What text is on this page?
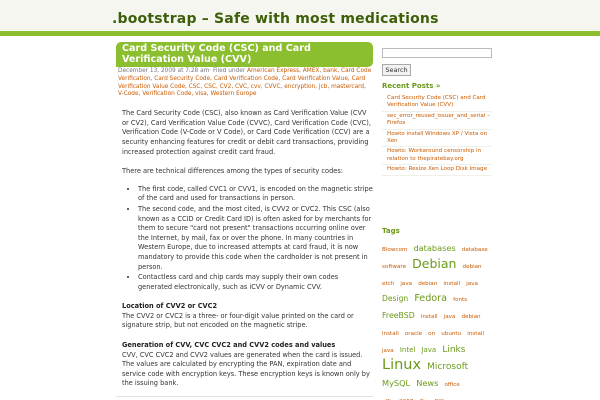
.bootstrap – Safe with most medications
Card Security Code (CSC) and Card Verification Value (CVV)
December 13, 2009 at 7:28 am· Filed under American Express, AMEX, bank, Card Code Verification, Card Security Code, Card Verification Code, Card Verification Value, Card Verification Value Code, CSC, CSC, CV2, CVC, cvv, CVVC, encryption, jcb, mastercard, V-Code, Verification Code, visa, Western Europe

The Card Security Code (CSC), also known as Card Verification Value (CVV or CV2), Card Verification Value Code (CVVC), Card Verification Code (CVC), Verification Code (V-Code or V Code), or Card Code Verification (CCV) are a security enhancing features for credit or debit card transactions, providing increased protection against credit card fraud.

There are technical differences among the types of security codes:

• The first code, called CVC1 or CVV1, is encoded on the magnetic stripe of the card and used for transactions in person.
• The second code, and the most cited, is CVV2 or CVC2. This CSC (also known as a CCID or Credit Card ID) is often asked for by merchants for them to secure "card not present" transactions occurring online over the Internet, by mail, fax or over the phone. In many countries in Western Europe, due to increased attempts at card fraud, it is now mandatory to provide this code when the cardholder is not present in person.
• Contactless card and chip cards may supply their own codes generated electronically, such as iCVV or Dynamic CVV.

Location of CVV2 or CVC2
The CVV2 or CVC2 is a three- or four-digit value printed on the card or signature strip, but not encoded on the magnetic stripe.

Generation of CVV, CVC CVC2 and CVV2 codes and values
CVV, CVC CVC2 and CVV2 values are generated when the card is issued. The values are calculated by encrypting the PAN, expiration date and service code with encryption keys. These encryption keys is known only by the issuing bank.

Search
Recent Posts »
Card Security Code (CSC) and Card Verification Value (CVV)
sec_error_reused_issuer_and_serial – Firefox
Howto install Windows XP / Vista on Xen
Howto: Workaround censorship in relation to thepiratebay.org
Howto: Resize Xen Loop Disk Image
Tags
Blowcom databases database software Debian debian etch java debian install java Design Fedora fonts FreeBSD install java debian install oracle on ubuntu install java Intel Java Links Linux Microsoft MySQL News office
